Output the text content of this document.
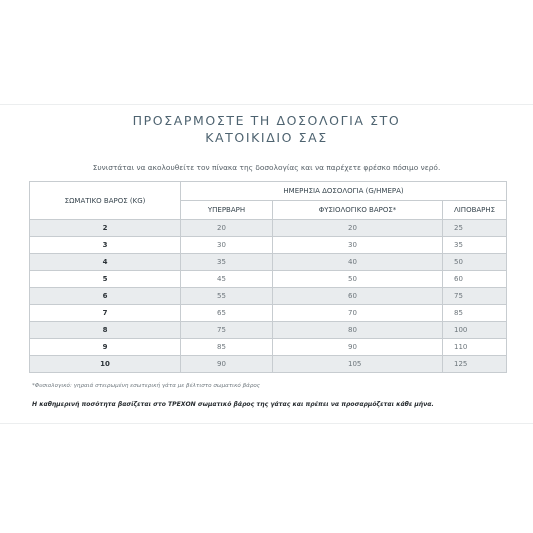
ΠΡΟΣΑΡΜΟΣΤΕ ΤΗ ΔΟΣΟΛΟΓΙΑ ΣΤΟ
ΚΑΤΟΙΚΙΔΙΟ ΣΑΣ
Συνιστάται να ακολουθείτε τον πίνακα της δοσολογίας και να παρέχετε φρέσκο πόσιμο νερό.
ΣΩΜΑΤΙΚΟ ΒΑΡΟΣ (KG)	ΗΜΕΡΗΣΙΑ ΔΟΣΟΛΟΓΙΑ (G/ΗΜΕΡΑ)		
	ΥΠΕΡΒΑΡΗ	ΦΥΣΙΟΛΟΓΙΚΟ ΒΑΡΟΣ*	ΛΙΠΟΒΑΡΗΣ
2	20	20	25
3	30	30	35
4	35	40	50
5	45	50	60
6	55	60	75
7	65	70	85
8	75	80	100
9	85	90	110
10	90	105	125
*Φυσιολογικό: γηραιά στειρωμένη εσωτερική γάτα με βέλτιστο σωματικό βάρος
Η καθημερινή ποσότητα βασίζεται στο ΤΡΕΧΟΝ σωματικό βάρος της γάτας και πρέπει να προσαρμόζεται κάθε μήνα.
